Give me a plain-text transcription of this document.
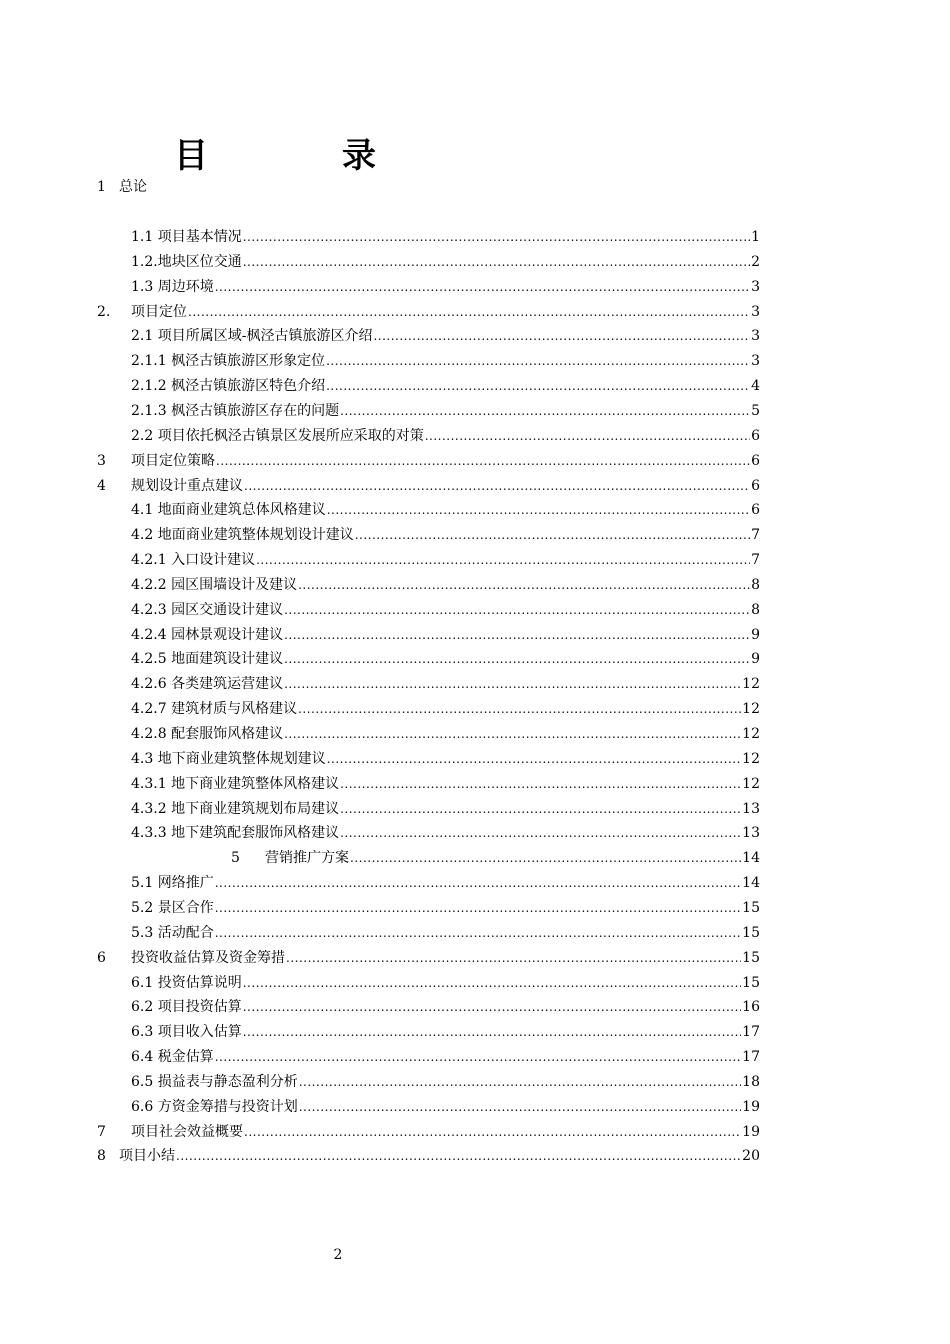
目　录
1 总论
1.1 项目基本情况 .....	1
1.2.地块区位交通 .....	2
1.3 周边环境 .....	3
2. 项目定位 .....	3
2.1 项目所属区域-枫泾古镇旅游区介绍 .....	3
2.1.1 枫泾古镇旅游区形象定位 .....	3
2.1.2 枫泾古镇旅游区特色介绍 .....	4
2.1.3 枫泾古镇旅游区存在的问题 .....	5
2.2 项目依托枫泾古镇景区发展所应采取的对策 .....	6
3 项目定位策略 .....	6
4 规划设计重点建议 .....	6
4.1 地面商业建筑总体风格建议 .....	6
4.2 地面商业建筑整体规划设计建议 .....	7
4.2.1 入口设计建议 .....	7
4.2.2 园区围墙设计及建议 .....	8
4.2.3 园区交通设计建议 .....	8
4.2.4 园林景观设计建议 .....	9
4.2.5 地面建筑设计建议 .....	9
4.2.6 各类建筑运营建议 .....	12
4.2.7 建筑材质与风格建议 .....	12
4.2.8 配套服饰风格建议 .....	12
4.3 地下商业建筑整体规划建议 .....	12
4.3.1 地下商业建筑整体风格建议 .....	12
4.3.2 地下商业建筑规划布局建议 .....	13
4.3.3 地下建筑配套服饰风格建议 .....	13
5 营销推广方案 .....	14
5.1 网络推广 .....	14
5.2 景区合作 .....	15
5.3 活动配合 .....	15
6 投资收益估算及资金筹措 .....	15
6.1 投资估算说明 .....	15
6.2 项目投资估算 .....	16
6.3 项目收入估算 .....	17
6.4 税金估算 .....	17
6.5 损益表与静态盈利分析 .....	18
6.6 方资金筹措与投资计划 .....	19
7 项目社会效益概要 .....	19
8 项目小结 .....	20
2
